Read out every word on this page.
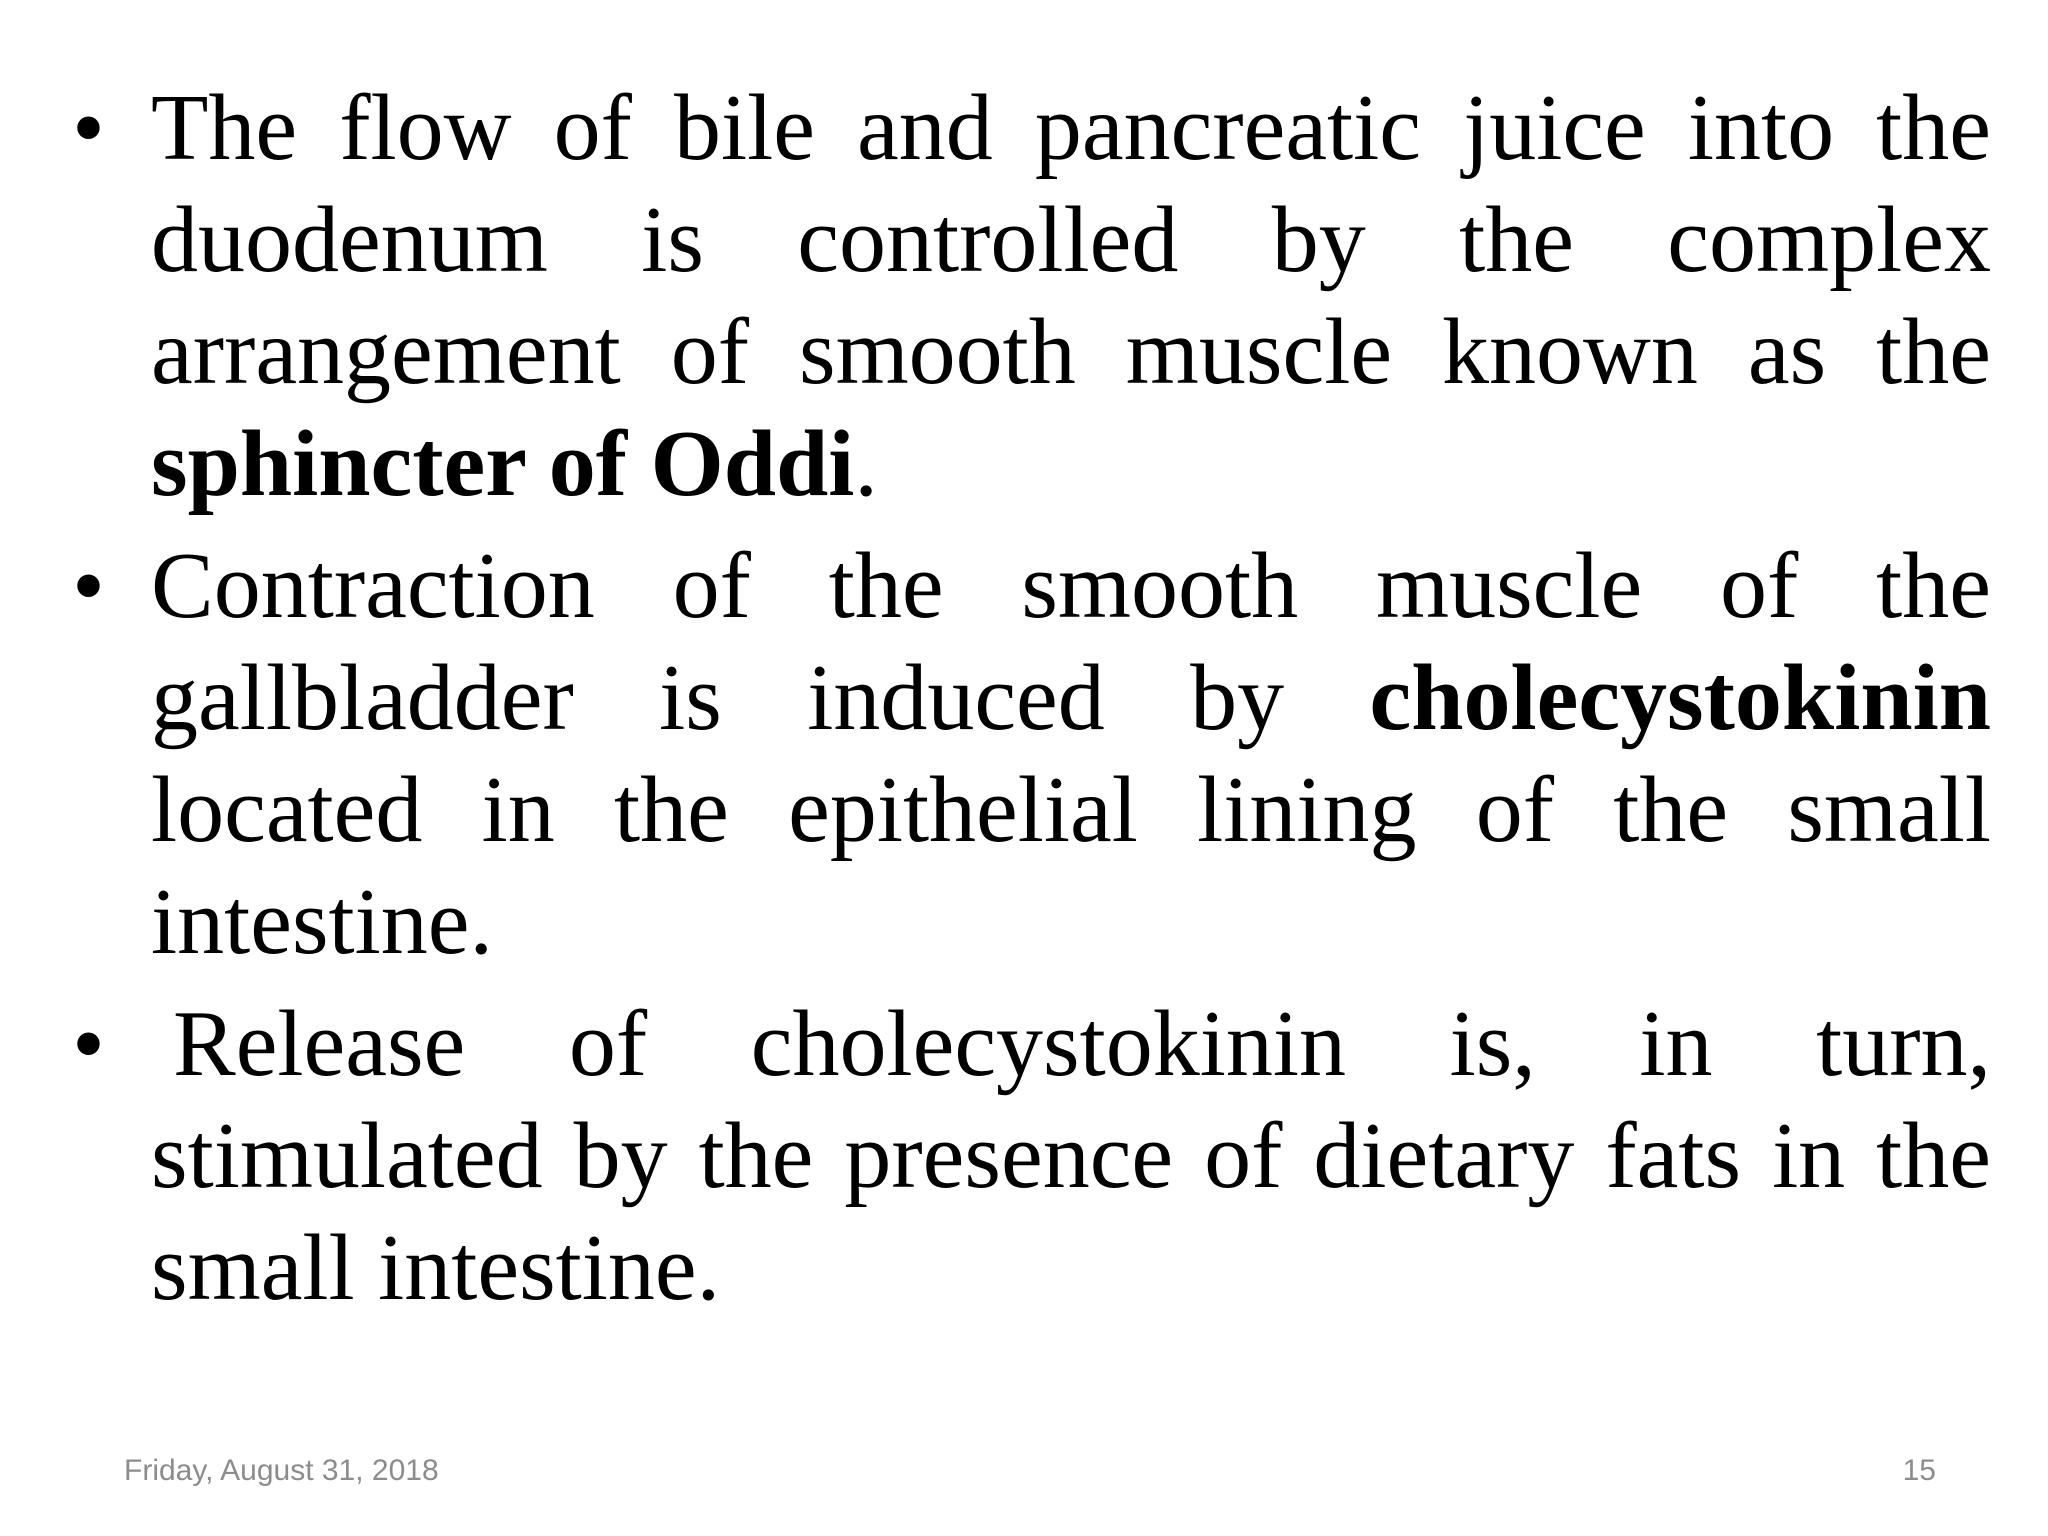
• The flow of bile and pancreatic juice into the duodenum is controlled by the complex arrangement of smooth muscle known as the sphincter of Oddi.
• Contraction of the smooth muscle of the gallbladder is induced by cholecystokinin located in the epithelial lining of the small intestine.
• Release of cholecystokinin is, in turn, stimulated by the presence of dietary fats in the small intestine.
Friday, August 31, 2018	15
